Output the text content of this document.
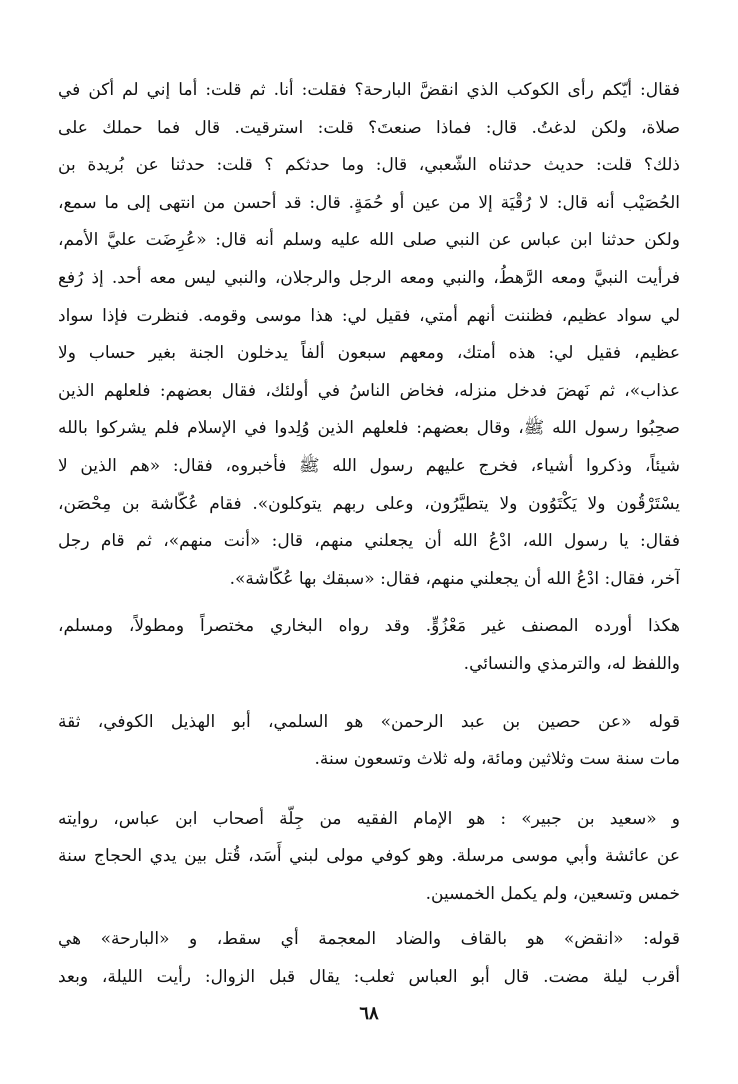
فقال: أيّكم رأى الكوكب الذي انقضَّ البارحة؟ فقلت: أنا. ثم قلت: أما إني لم أكن في
صلاة، ولكن لدغتُ. قال: فماذا صنعتَ؟ قلت: استرقيت. قال فما حملك على
ذلك؟ قلت: حديث حدثناه الشّعبي، قال: وما حدثكم ؟ قلت: حدثنا عن بُريدة بن
الحُصَيْب أنه قال: لا رُقْيَة إلا من عين أو حُمَةٍ. قال: قد أحسن من انتهى إلى ما سمع،
ولكن حدثنا ابن عباس عن النبي صلى الله عليه وسلم أنه قال: «عُرِضَت عليَّ الأمم،
فرأيت النبيَّ ومعه الرَّهطُ، والنبي ومعه الرجل والرجلان، والنبي ليس معه أحد. إذ رُفع
لي سواد عظيم، فظننت أنهم أمتي، فقيل لي: هذا موسى وقومه. فنظرت فإذا سواد
عظيم، فقيل لي: هذه أمتك، ومعهم سبعون ألفاً يدخلون الجنة بغير حساب ولا
عذاب»، ثم نَهضَ فدخل منزله، فخاض الناسُ في أولئك، فقال بعضهم: فلعلهم الذين
صحِبُوا رسول الله ﷺ، وقال بعضهم: فلعلهم الذين وُلِدوا في الإسلام فلم يشركوا بالله
شيئاً، وذكروا أشياء، فخرج عليهم رسول الله ﷺ فأخبروه، فقال: «هم الذين لا
يسْتَرْقُون ولا يَكْتَوُون ولا يتطيَّرُون، وعلى ربهم يتوكلون». فقام عُكّاشة بن مِحْصَن،
فقال: يا رسول الله، ادْعُ الله أن يجعلني منهم، قال: «أنت منهم»، ثم قام رجل
آخر، فقال: ادْعُ الله أن يجعلني منهم، فقال: «سبقك بها عُكّاشة».
هكذا أورده المصنف غير مَعْزُوٍّ. وقد رواه البخاري مختصراً ومطولاً، ومسلم،
واللفظ له، والترمذي والنسائي.
قوله «عن حصين بن عبد الرحمن» هو السلمي، أبو الهذيل الكوفي، ثقة
مات سنة ست وثلاثين ومائة، وله ثلاث وتسعون سنة.
و «سعيد بن جبير» : هو الإمام الفقيه من جِلّة أصحاب ابن عباس، روايته
عن عائشة وأبي موسى مرسلة. وهو كوفي مولى لبني أَسَد، قُتل بين يدي الحجاج سنة
خمس وتسعين، ولم يكمل الخمسين.
قوله: «انقض» هو بالقاف والضاد المعجمة أي سقط، و «البارحة» هي
أقرب ليلة مضت. قال أبو العباس ثعلب: يقال قبل الزوال: رأيت الليلة، وبعد
٦٨
